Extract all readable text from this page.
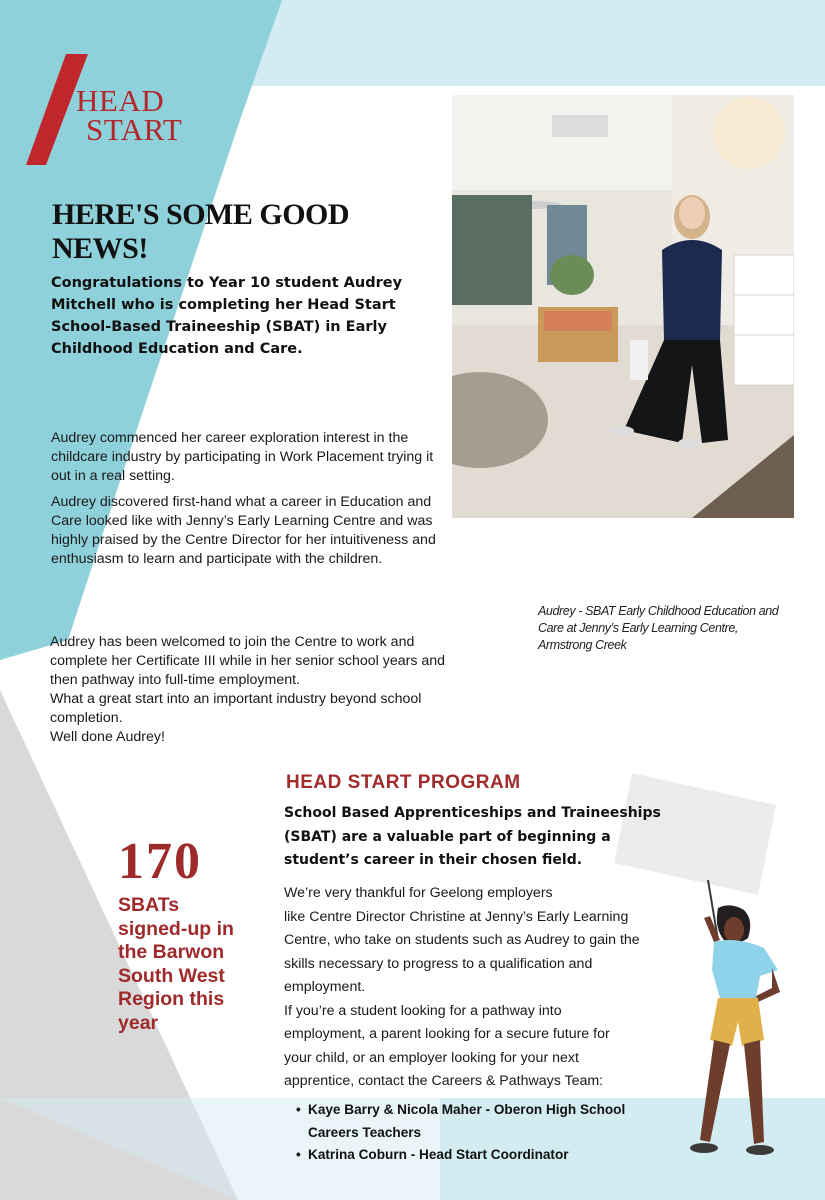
HEAD
START
HERE'S SOME GOOD NEWS!
Congratulations to Year 10 student Audrey Mitchell who is completing her Head Start School-Based Traineeship (SBAT) in Early Childhood Education and Care.

Audrey commenced her career exploration interest in the childcare industry by participating in Work Placement trying it out in a real setting.

Audrey discovered first-hand what a career in Education and Care looked like with Jenny’s Early Learning Centre and was highly praised by the Centre Director for her intuitiveness and enthusiasm to learn and participate with the children.

Audrey has been welcomed to join the Centre to work and complete her Certificate III while in her senior school years and then pathway into full-time employment.

What a great start into an important industry beyond school completion.

Well done Audrey!

Audrey - SBAT Early Childhood Education and Care at Jenny’s Early Learning Centre, Armstrong Creek
HEAD START PROGRAM
School Based Apprenticeships and Traineeships (SBAT) are a valuable part of beginning a student’s career in their chosen field.

We’re very thankful for Geelong employers

like Centre Director Christine at Jenny’s Early Learning

Centre, who take on students such as Audrey to gain the

skills necessary to progress to a qualification and

employment.

If you’re a student looking for a pathway into

employment, a parent looking for a secure future for

your child, or an employer looking for your next

apprentice, contact the Careers & Pathways Team:

• Kaye Barry & Nicola Maher - Oberon High School Careers Teachers
• Katrina Coburn - Head Start Coordinator
170
SBATs signed-up in the Barwon South West Region this year
